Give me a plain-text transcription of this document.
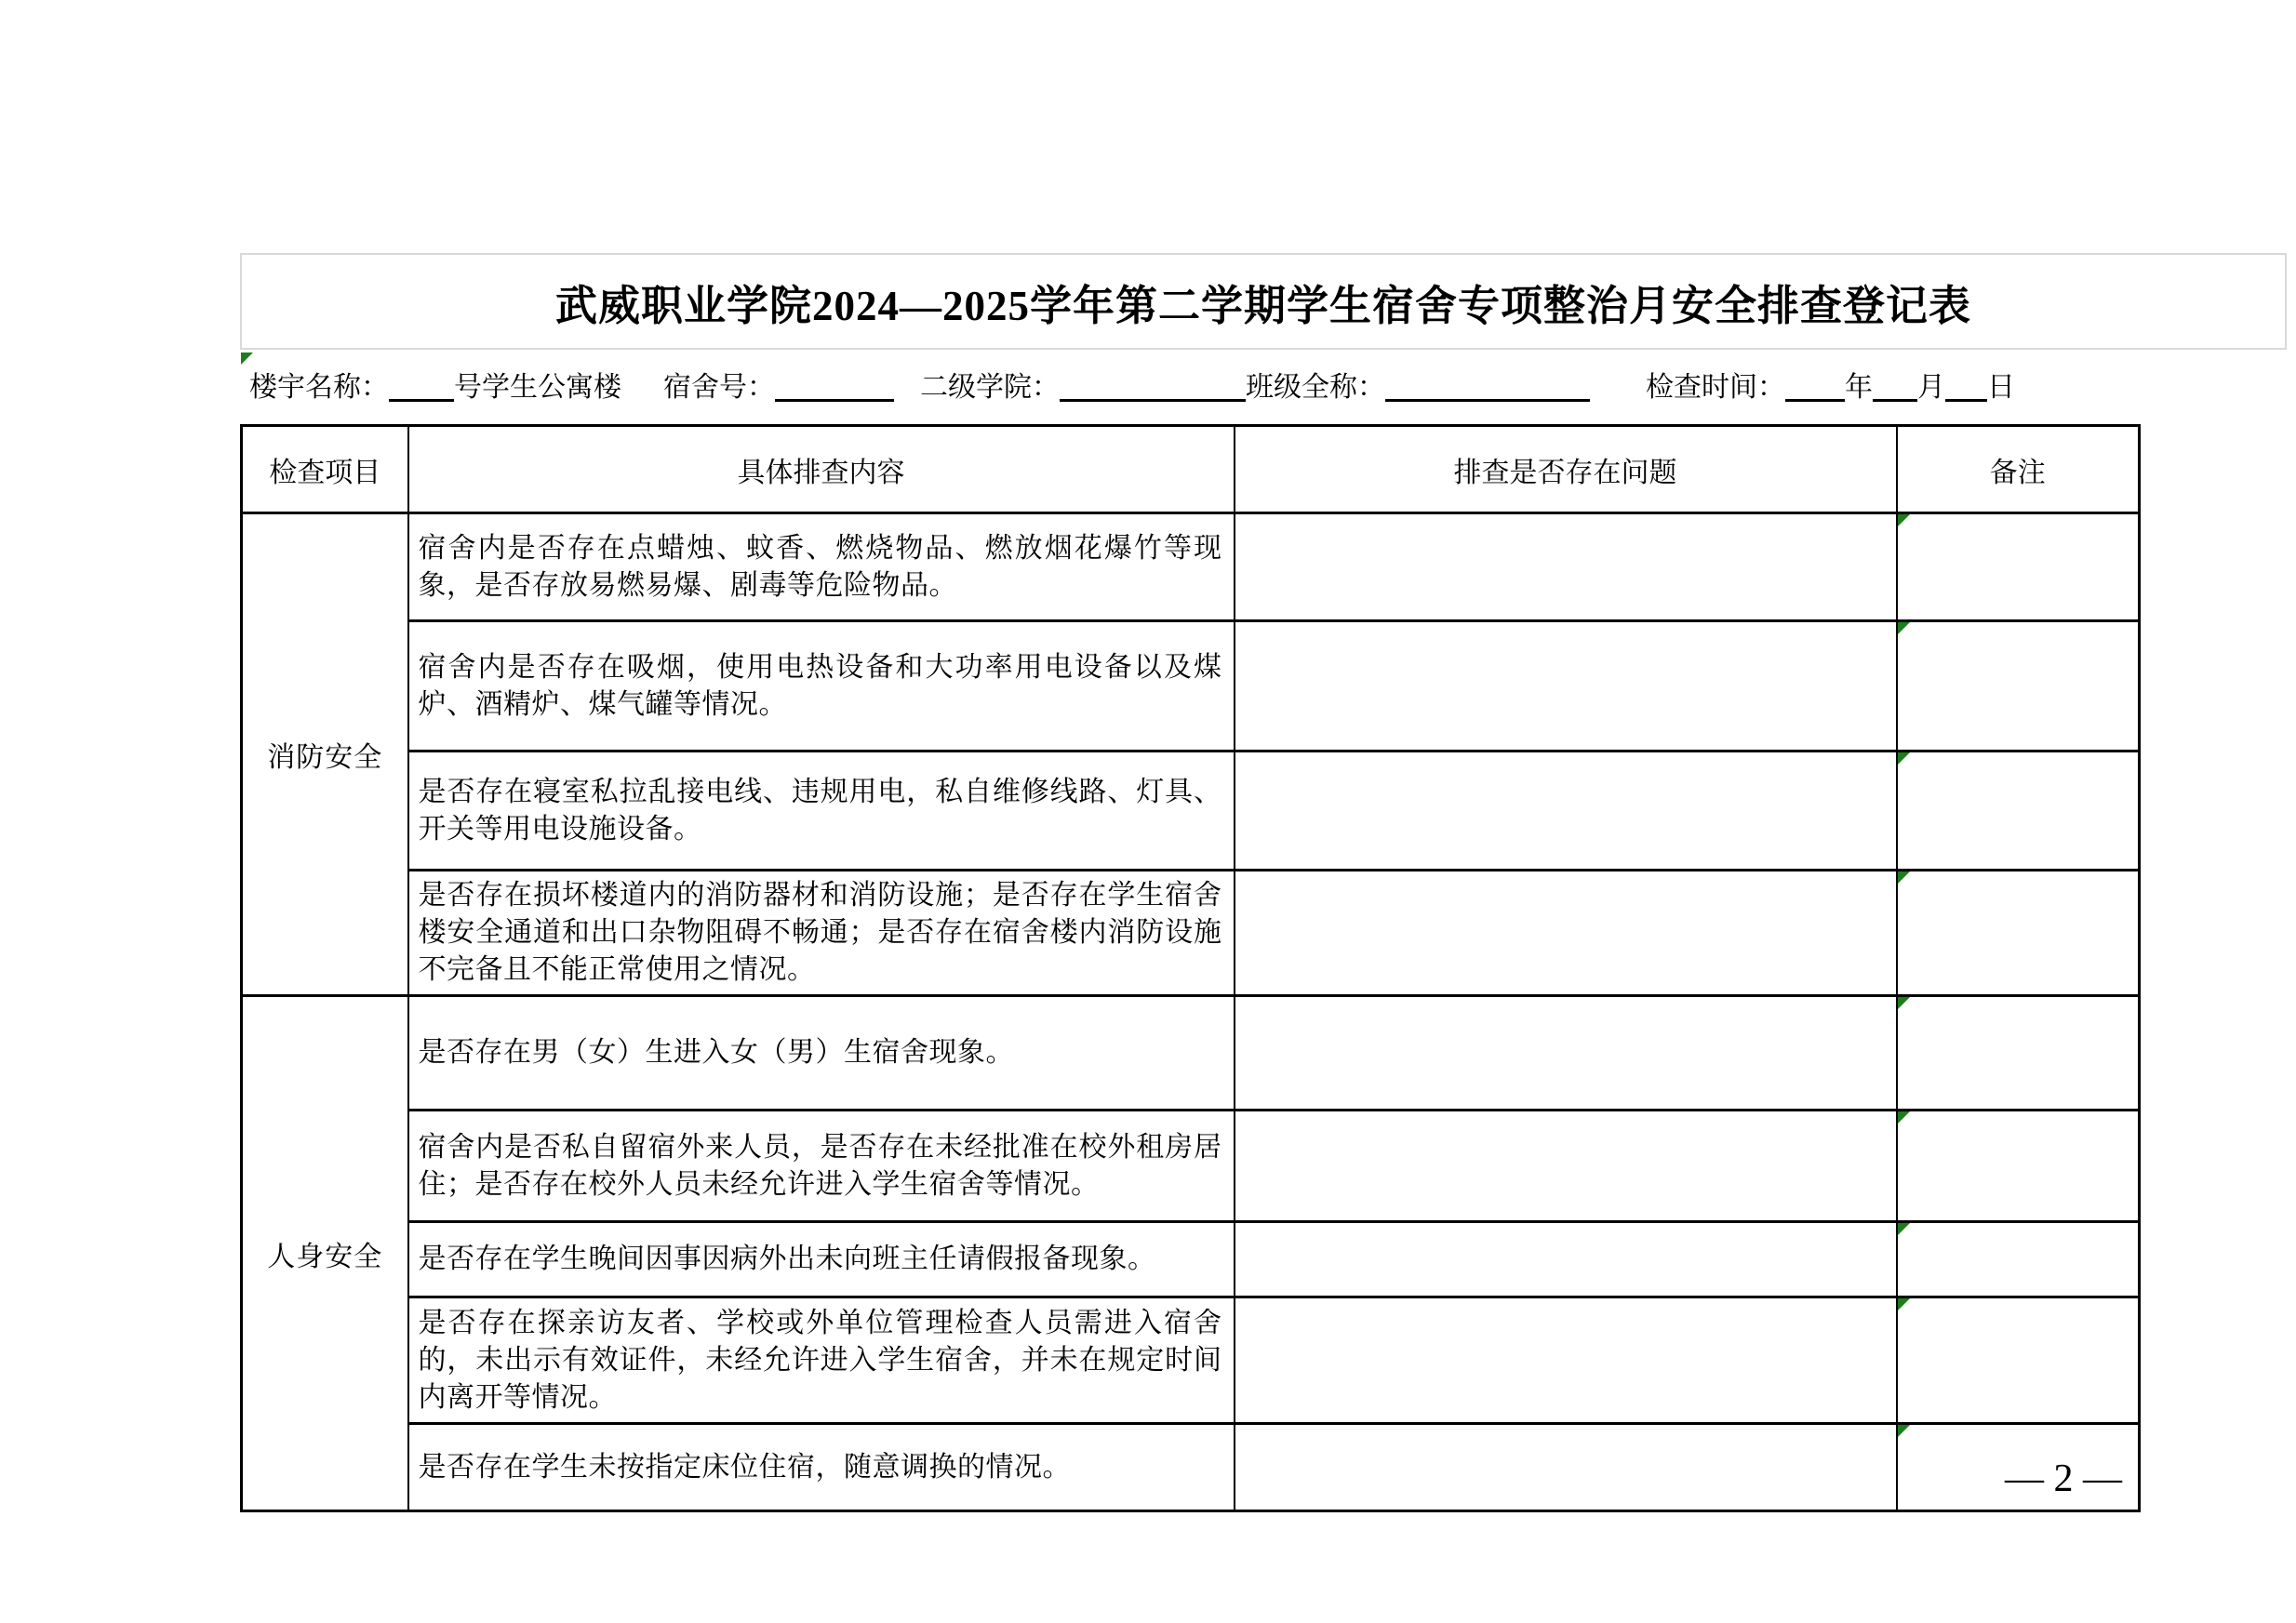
武威职业学院2024—2025学年第二学期学生宿舍专项整治月安全排查登记表
楼宇名称： 号学生公寓楼 宿舍号：	二级学院：	班级全称：	检查时间： 年 月 日
检查项目	具体排查内容	排查是否存在问题	备注
消防安全	宿舍内是否存在点蜡烛、蚊香、燃烧物品、燃放烟花爆竹等现象，是否存放易燃易爆、剧毒等危险物品。		

	宿舍内是否存在吸烟，使用电热设备和大功率用电设备以及煤炉、酒精炉、煤气罐等情况。		

	是否存在寝室私拉乱接电线、违规用电，私自维修线路、灯具、开关等用电设施设备。		

	是否存在损坏楼道内的消防器材和消防设施；是否存在学生宿舍楼安全通道和出口杂物阻碍不畅通；是否存在宿舍楼内消防设施不完备且不能正常使用之情况。		

人身安全	是否存在男（女）生进入女（男）生宿舍现象。		

	宿舍内是否私自留宿外来人员，是否存在未经批准在校外租房居住；是否存在校外人员未经允许进入学生宿舍等情况。		

	是否存在学生晚间因事因病外出未向班主任请假报备现象。		

	是否存在探亲访友者、学校或外单位管理检查人员需进入宿舍的，未出示有效证件，未经允许进入学生宿舍，并未在规定时间内离开等情况。		

	是否存在学生未按指定床位住宿，随意调换的情况。			— 2 —
